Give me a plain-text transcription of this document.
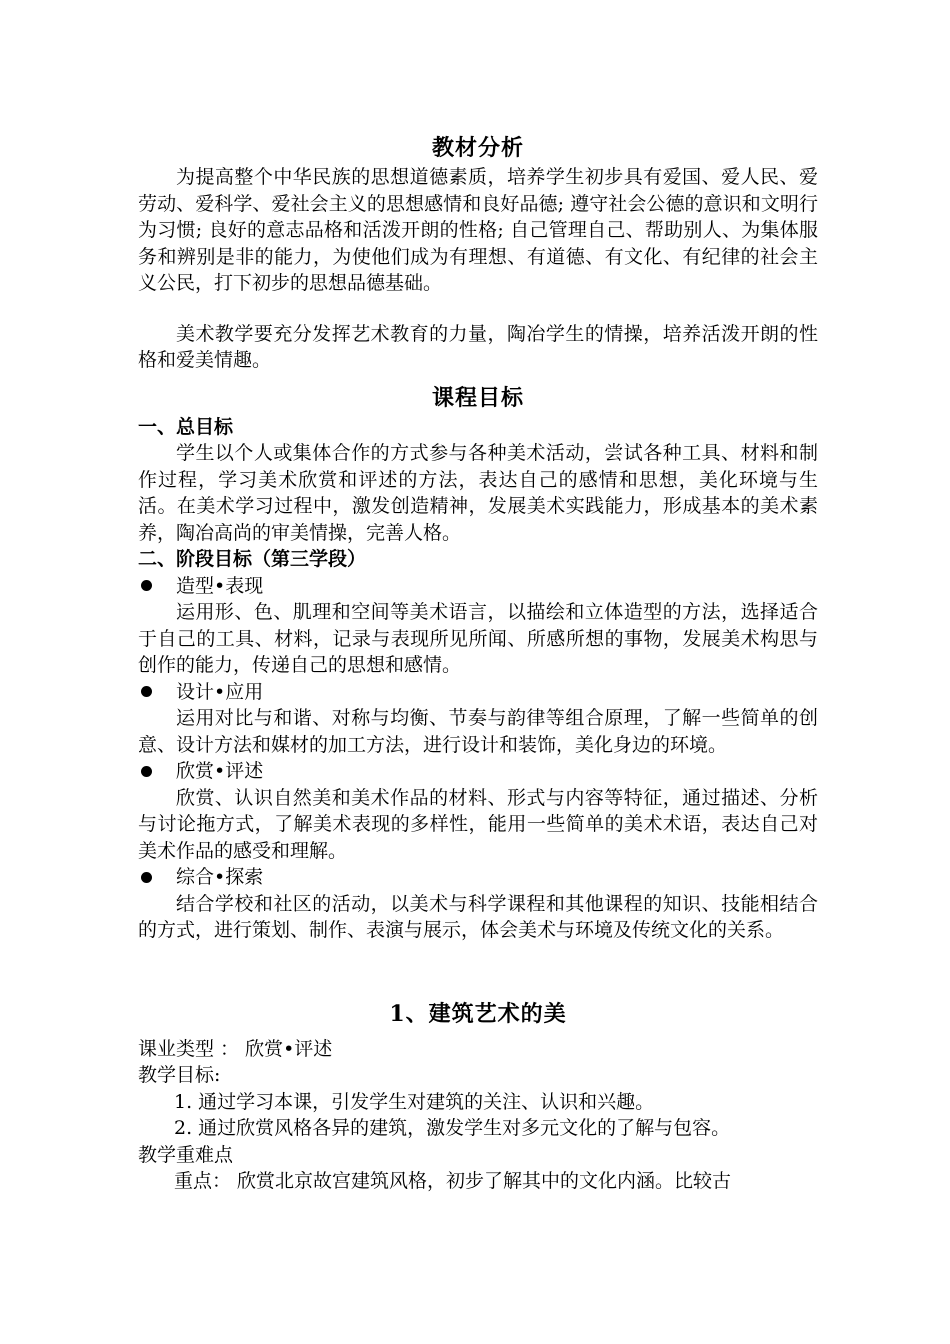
教材分析

为提高整个中华民族的思想道德素质，培养学生初步具有爱国、爱人民、爱劳动、爱科学、爱社会主义的思想感情和良好品德; 遵守社会公德的意识和文明行为习惯; 良好的意志品格和活泼开朗的性格; 自己管理自己、帮助别人、为集体服务和辨别是非的能力，为使他们成为有理想、有道德、有文化、有纪律的社会主义公民，打下初步的思想品德基础。

美术教学要充分发挥艺术教育的力量，陶冶学生的情操，培养活泼开朗的性格和爱美情趣。

课程目标

一、总目标

学生以个人或集体合作的方式参与各种美术活动，尝试各种工具、材料和制作过程，学习美术欣赏和评述的方法，表达自己的感情和思想，美化环境与生活。在美术学习过程中，激发创造精神，发展美术实践能力，形成基本的美术素养，陶冶高尚的审美情操，完善人格。

二、阶段目标（第三学段）

造型•表现

运用形、色、肌理和空间等美术语言，以描绘和立体造型的方法，选择适合于自己的工具、材料，记录与表现所见所闻、所感所想的事物，发展美术构思与创作的能力，传递自己的思想和感情。

设计•应用

运用对比与和谐、对称与均衡、节奏与韵律等组合原理，了解一些简单的创意、设计方法和媒材的加工方法，进行设计和装饰，美化身边的环境。

欣赏•评述

欣赏、认识自然美和美术作品的材料、形式与内容等特征，通过描述、分析与讨论拖方式，了解美术表现的多样性，能用一些简单的美术术语，表达自己对美术作品的感受和理解。

综合•探索

结合学校和社区的活动，以美术与科学课程和其他课程的知识、技能相结合的方式，进行策划、制作、表演与展示，体会美术与环境及传统文化的关系。

1、建筑艺术的美

课业类型 ： 欣赏•评述

教学目标:

1. 通过学习本课，引发学生对建筑的关注、认识和兴趣。

2. 通过欣赏风格各异的建筑，激发学生对多元文化的了解与包容。

教学重难点

重点： 欣赏北京故宫建筑风格，初步了解其中的文化内涵。比较古
